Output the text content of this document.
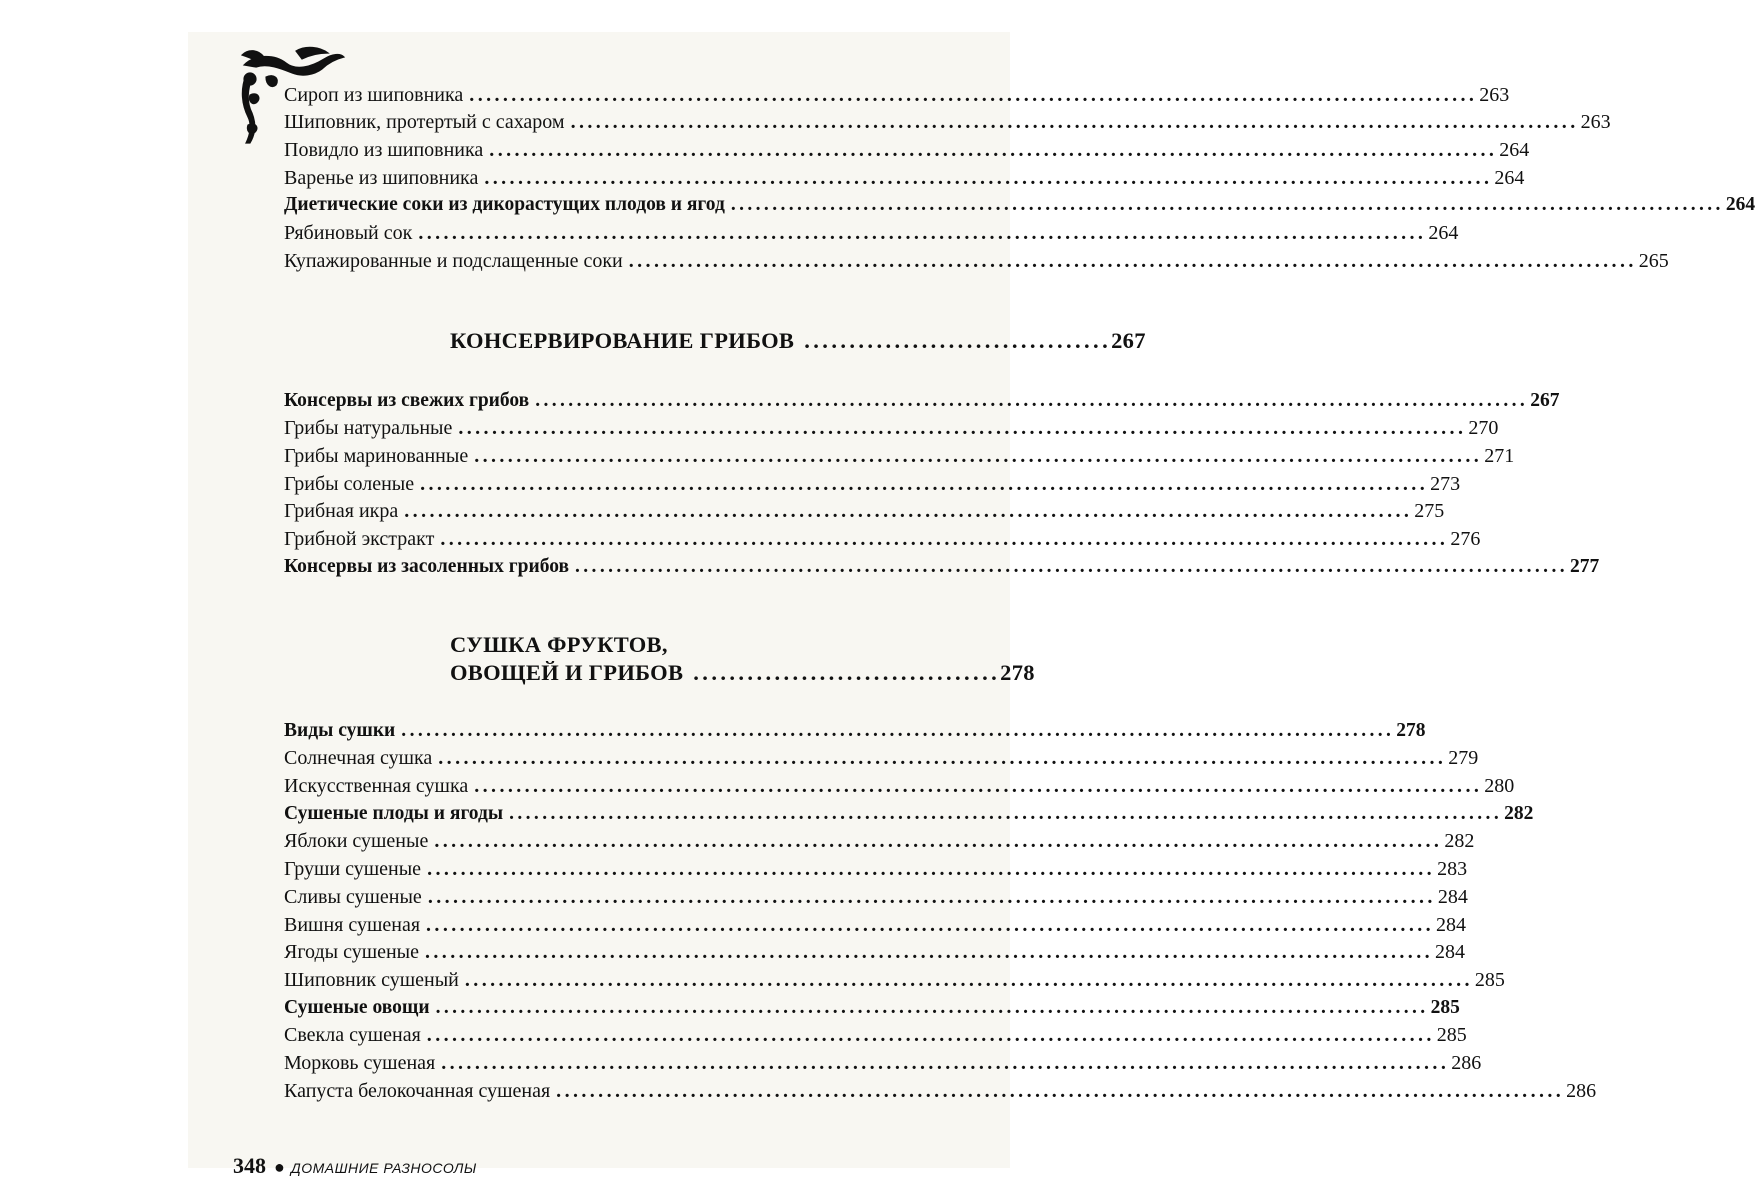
Сироп из шиповника ........................................................................................................................ 263
Шиповник, протертый с сахаром ........................................................................................................................ 263
Повидло из шиповника ........................................................................................................................ 264
Варенье из шиповника ........................................................................................................................ 264
Диетические соки из дикорастущих плодов и ягод ........................................................................................................................ 264
Рябиновый сок ........................................................................................................................ 264
Купажированные и подслащенные соки ........................................................................................................................ 265
КОНСЕРВИРОВАНИЕ ГРИБОВ .................................. 267
Консервы из свежих грибов ........................................................................................................................ 267
Грибы натуральные ........................................................................................................................ 270
Грибы маринованные ........................................................................................................................ 271
Грибы соленые ........................................................................................................................ 273
Грибная икра ........................................................................................................................ 275
Грибной экстракт ........................................................................................................................ 276
Консервы из засоленных грибов ........................................................................................................................ 277
СУШКА ФРУКТОВ,
ОВОЩЕЙ И ГРИБОВ .................................. 278
Виды сушки ........................................................................................................................ 278
Солнечная сушка ........................................................................................................................ 279
Искусственная сушка ........................................................................................................................ 280
Сушеные плоды и ягоды ........................................................................................................................ 282
Яблоки сушеные ........................................................................................................................ 282
Груши сушеные ........................................................................................................................ 283
Сливы сушеные ........................................................................................................................ 284
Вишня сушеная ........................................................................................................................ 284
Ягоды сушеные ........................................................................................................................ 284
Шиповник сушеный ........................................................................................................................ 285
Сушеные овощи ........................................................................................................................ 285
Свекла сушеная ........................................................................................................................ 285
Морковь сушеная ........................................................................................................................ 286
Капуста белокочанная сушеная ........................................................................................................................ 286
348 ● ДОМАШНИЕ РАЗНОСОЛЫ
